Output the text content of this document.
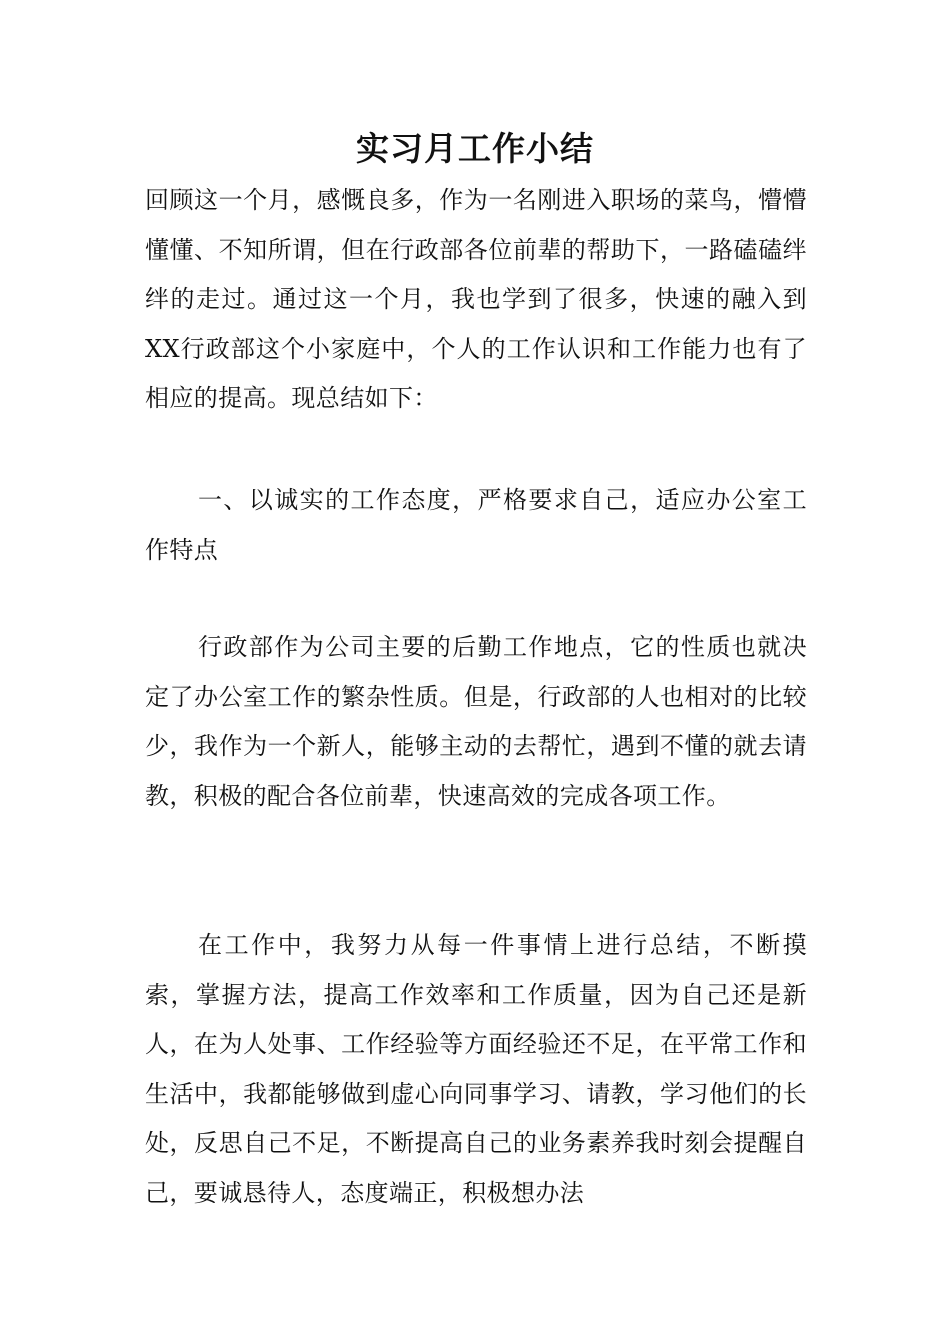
实习月工作小结

回顾这一个月，感慨良多，作为一名刚进入职场的菜鸟，懵懵懂懂、不知所谓，但在行政部各位前辈的帮助下，一路磕磕绊绊的走过。通过这一个月，我也学到了很多，快速的融入到XX行政部这个小家庭中，个人的工作认识和工作能力也有了相应的提高。现总结如下：

一、以诚实的工作态度，严格要求自己，适应办公室工作特点

行政部作为公司主要的后勤工作地点，它的性质也就决定了办公室工作的繁杂性质。但是，行政部的人也相对的比较少，我作为一个新人，能够主动的去帮忙，遇到不懂的就去请教，积极的配合各位前辈，快速高效的完成各项工作。

在工作中，我努力从每一件事情上进行总结，不断摸索，掌握方法，提高工作效率和工作质量，因为自己还是新人，在为人处事、工作经验等方面经验还不足，在平常工作和生活中，我都能够做到虚心向同事学习、请教，学习他们的长处，反思自己不足，不断提高自己的业务素养我时刻会提醒自己，要诚恳待人，态度端正，积极想办法
